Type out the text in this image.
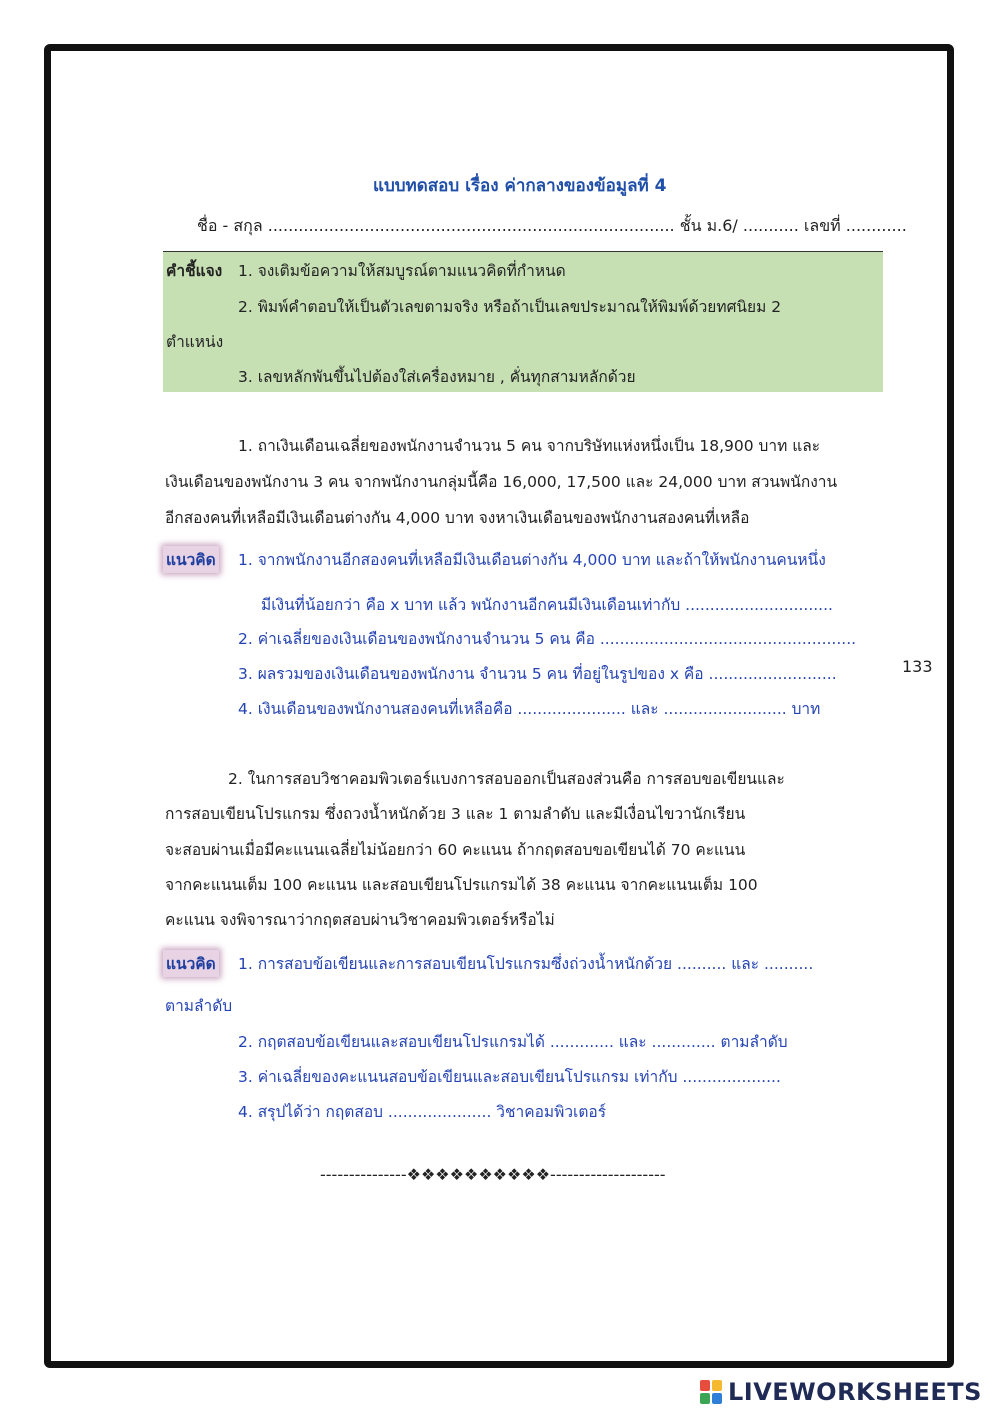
แบบทดสอบ เรื่อง ค่ากลางของข้อมูลที่ 4
ชื่อ - สกุล ................................................................................ ชั้น ม.6/ ........... เลขที่ ............
คำชี้แจง 1. จงเติมข้อความให้สมบูรณ์ตามแนวคิดที่กำหนด
2. พิมพ์คำตอบให้เป็นตัวเลขตามจริง หรือถ้าเป็นเลขประมาณให้พิมพ์ด้วยทศนิยม 2
ตำแหน่ง
3. เลขหลักพันขึ้นไปต้องใส่เครื่องหมาย , คั่นทุกสามหลักด้วย
1. ถาเงินเดือนเฉลี่ยของพนักงานจำนวน 5 คน จากบริษัทแห่งหนึ่งเป็น 18,900 บาท และ
เงินเดือนของพนักงาน 3 คน จากพนักงานกลุ่มนี้คือ 16,000, 17,500 และ 24,000 บาท สวนพนักงาน
อีกสองคนที่เหลือมีเงินเดือนต่างกัน 4,000 บาท จงหาเงินเดือนของพนักงานสองคนที่เหลือ
แนวคิด 1. จากพนักงานอีกสองคนที่เหลือมีเงินเดือนต่างกัน 4,000 บาท และถ้าให้พนักงานคนหนึ่ง
มีเงินที่น้อยกว่า คือ x บาท แล้ว พนักงานอีกคนมีเงินเดือนเท่ากับ ..............................
2. ค่าเฉลี่ยของเงินเดือนของพนักงานจำนวน 5 คน คือ ....................................................
3. ผลรวมของเงินเดือนของพนักงาน จำนวน 5 คน ที่อยู่ในรูปของ x คือ ..........................
4. เงินเดือนของพนักงานสองคนที่เหลือคือ ...................... และ ......................... บาท
133
2. ในการสอบวิชาคอมพิวเตอร์แบงการสอบออกเป็นสองส่วนคือ การสอบขอเขียนและ
การสอบเขียนโปรแกรม ซึ่งถวงน้ำหนักด้วย 3 และ 1 ตามลำดับ และมีเงื่อนไขวานักเรียน
จะสอบผ่านเมื่อมีคะแนนเฉลี่ยไม่น้อยกว่า 60 คะแนน ถ้ากฤตสอบขอเขียนได้ 70 คะแนน
จากคะแนนเต็ม 100 คะแนน และสอบเขียนโปรแกรมได้ 38 คะแนน จากคะแนนเต็ม 100
คะแนน จงพิจารณาว่ากฤตสอบผ่านวิชาคอมพิวเตอร์หรือไม่
แนวคิด 1. การสอบข้อเขียนและการสอบเขียนโปรแกรมซึ่งถ่วงน้ำหนักด้วย .......... และ ..........
ตามลำดับ
2. กฤตสอบข้อเขียนและสอบเขียนโปรแกรมได้ ............. และ ............. ตามลำดับ
3. ค่าเฉลี่ยของคะแนนสอบข้อเขียนและสอบเขียนโปรแกรม เท่ากับ ....................
4. สรุปได้ว่า กฤตสอบ ..................... วิชาคอมพิวเตอร์
---------------❖❖❖❖❖❖❖❖❖❖--------------------
LIVEWORKSHEETS
